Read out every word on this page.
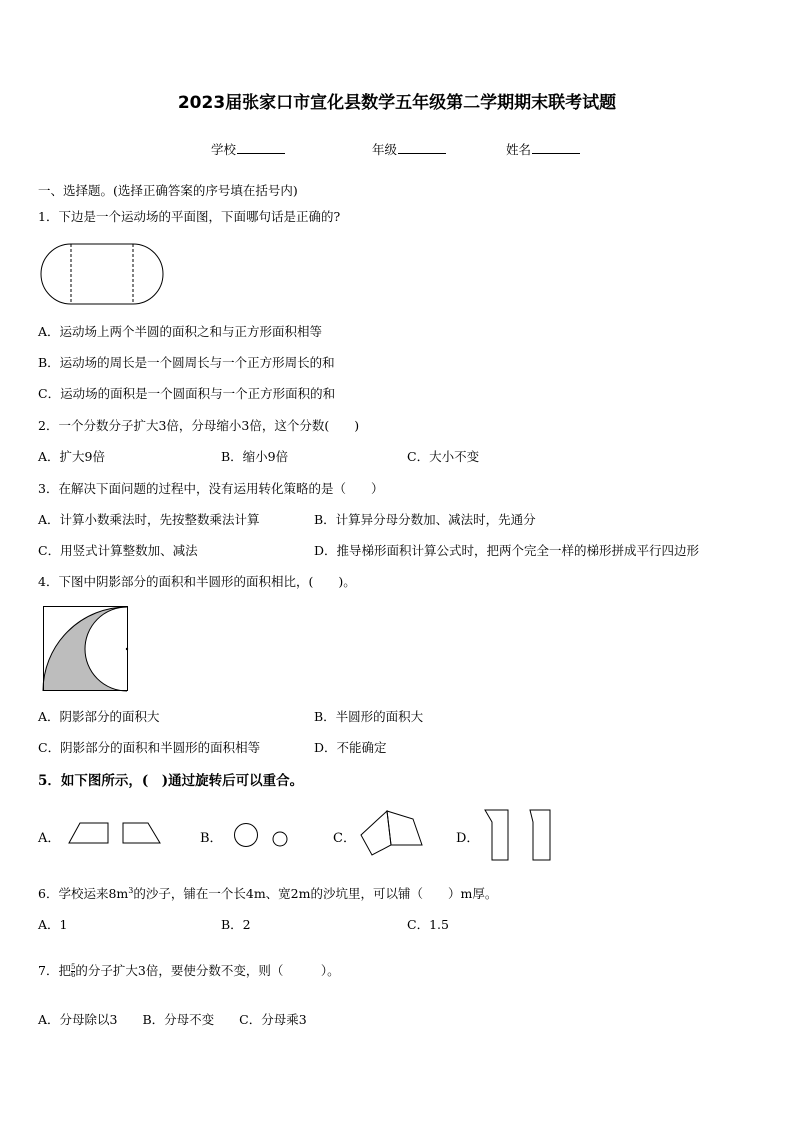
2023届张家口市宣化县数学五年级第二学期期末联考试题
学校	年级	姓名
一、选择题。(选择正确答案的序号填在括号内)
1．下边是一个运动场的平面图，下面哪句话是正确的?
A．运动场上两个半圆的面积之和与正方形面积相等
B．运动场的周长是一个圆周长与一个正方形周长的和
C．运动场的面积是一个圆面积与一个正方形面积的和
2．一个分数分子扩大3倍，分母缩小3倍，这个分数(　　)
A．扩大9倍	B．缩小9倍	C．大小不变
3．在解决下面问题的过程中，没有运用转化策略的是（　　）
A．计算小数乘法时，先按整数乘法计算	B．计算异分母分数加、减法时，先通分
C．用竖式计算整数加、减法	D．推导梯形面积计算公式时，把两个完全一样的梯形拼成平行四边形
4．下图中阴影部分的面积和半圆形的面积相比，(　　)。
A．阴影部分的面积大	B．半圆形的面积大
C．阴影部分的面积和半圆形的面积相等	D．不能确定
5．如下图所示，(　)通过旋转后可以重合。
A．	B．	C．	D．
6．学校运来$8m^3$的沙子，铺在一个长4m、宽2m的沙坑里，可以铺（　　）m厚。
A．1	B．2	C．1.5
7．把 $\frac{5}{6}$ 的分子扩大3倍，要使分数不变，则（　　　）。
A．分母除以3　　B．分母不变　　C．分母乘3
